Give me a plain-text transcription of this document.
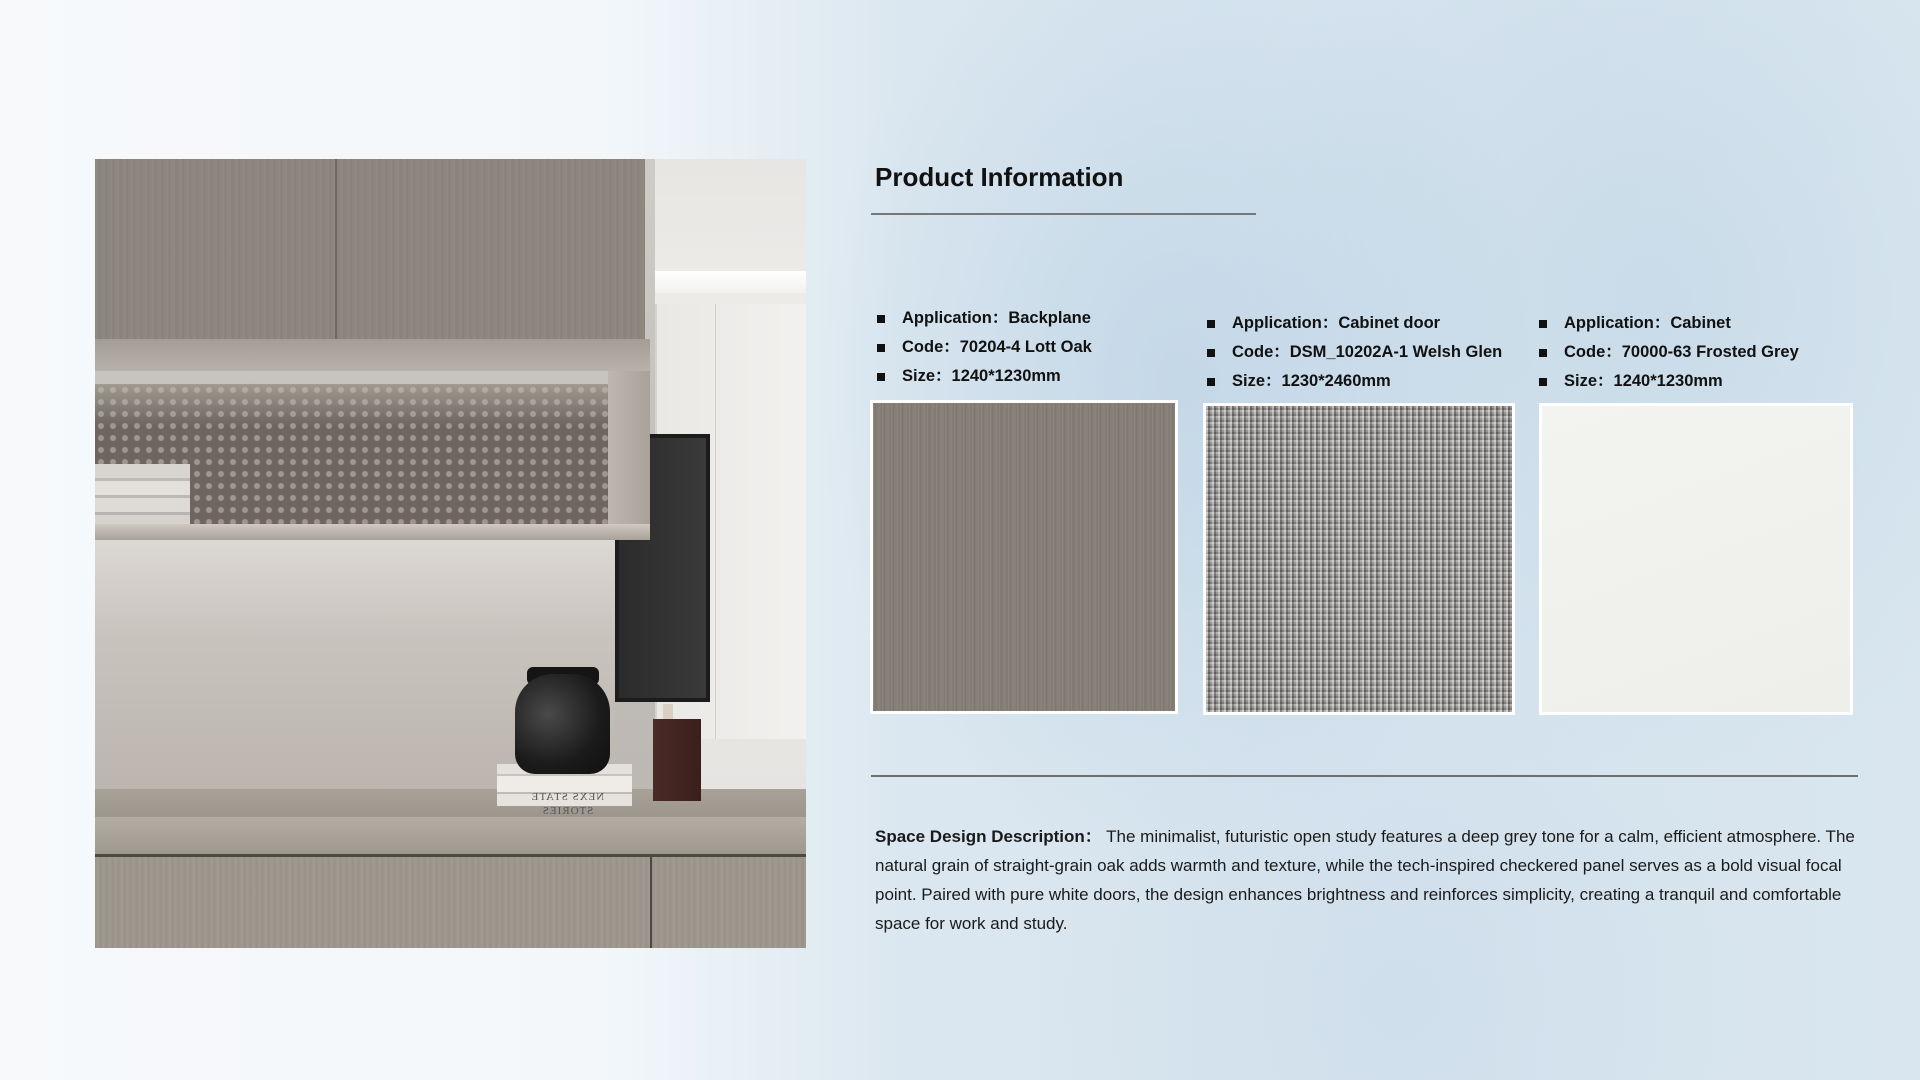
NEXS STATE STORIES
Product Information
Application：Backplane
Code：70204-4 Lott Oak
Size：1240*1230mm
Application：Cabinet door
Code：DSM_10202A-1 Welsh Glen
Size：1230*2460mm
Application：Cabinet
Code：70000-63 Frosted Grey
Size：1240*1230mm

Space Design Description： The minimalist, futuristic open study features a deep grey tone for a calm, efficient atmosphere. The natural grain of straight-grain oak adds warmth and texture, while the tech-inspired checkered panel serves as a bold visual focal point. Paired with pure white doors, the design enhances brightness and reinforces simplicity, creating a tranquil and comfortable space for work and study.
